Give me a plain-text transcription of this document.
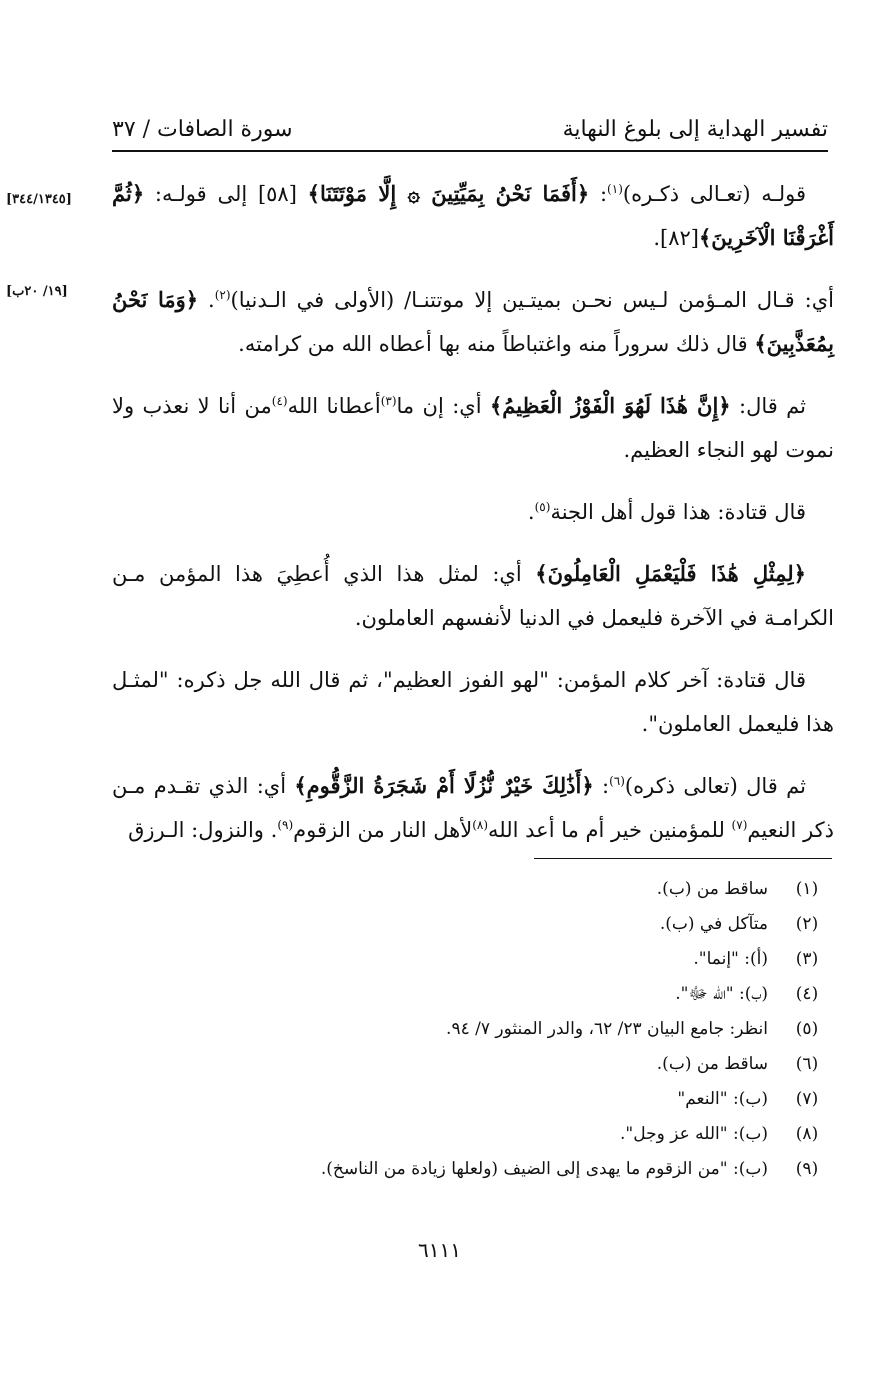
تفسير الهداية إلى بلوغ النهاية
سورة الصافات / ٣٧
[٣٤٤/١٣٤٥]
[١٩/ ٢٠ب]

قولـه (تعـالى ذكـره)$^{(١)}$: ﴿أَفَمَا نَحْنُ بِمَيِّتِينَ ۞ إِلَّا مَوْتَتَنَا﴾ [٥٨] إلى قولـه: ﴿ثُمَّ أَغْرَقْنَا الْآخَرِينَ﴾[٨٢].

أي: قـال المـؤمن لـيس نحـن بميتـين إلا موتتنـا/ (الأولى في الـدنيا)$^{(٢)}$. ﴿وَمَا نَحْنُ بِمُعَذَّبِينَ﴾ قال ذلك سروراً منه واغتباطاً منه بها أعطاه الله من كرامته.

ثم قال: ﴿إِنَّ هَٰذَا لَهُوَ الْفَوْزُ الْعَظِيمُ﴾ أي: إن ما$^{(٣)}$أعطانا الله$^{(٤)}$من أنا لا نعذب ولا نموت لهو النجاء العظيم.

قال قتادة: هذا قول أهل الجنة$^{(٥)}$.

﴿لِمِثْلِ هَٰذَا فَلْيَعْمَلِ الْعَامِلُونَ﴾ أي: لمثل هذا الذي أُعطِيَ هذا المؤمن مـن الكرامـة في الآخرة فليعمل في الدنيا لأنفسهم العاملون.

قال قتادة: آخر كلام المؤمن: "لهو الفوز العظيم"، ثم قال الله جل ذكره: "لمثـل هذا فليعمل العاملون".

ثم قال (تعالى ذكره)$^{(٦)}$: ﴿أَذَٰلِكَ خَيْرٌ نُّزُلًا أَمْ شَجَرَةُ الزَّقُّومِ﴾ أي: الذي تقـدم مـن ذكر النعيم$^{(٧)}$ للمؤمنين خير أم ما أعد الله$^{(٨)}$لأهل النار من الزقوم$^{(٩)}$. والنزول: الـرزق

(١)
ساقط من (ب).
(٢)
متآكل في (ب).
(٣)
(أ): "إنما".
(٤)
(ب): "الله ﷻ".
(٥)
انظر: جامع البيان ٢٣/ ٦٢، والدر المنثور ٧/ ٩٤.
(٦)
ساقط من (ب).
(٧)
(ب): "النعم"
(٨)
(ب): "الله عز وجل".
(٩)
(ب): "من الزقوم ما يهدى إلى الضيف (ولعلها زيادة من الناسخ).
٦١١١
